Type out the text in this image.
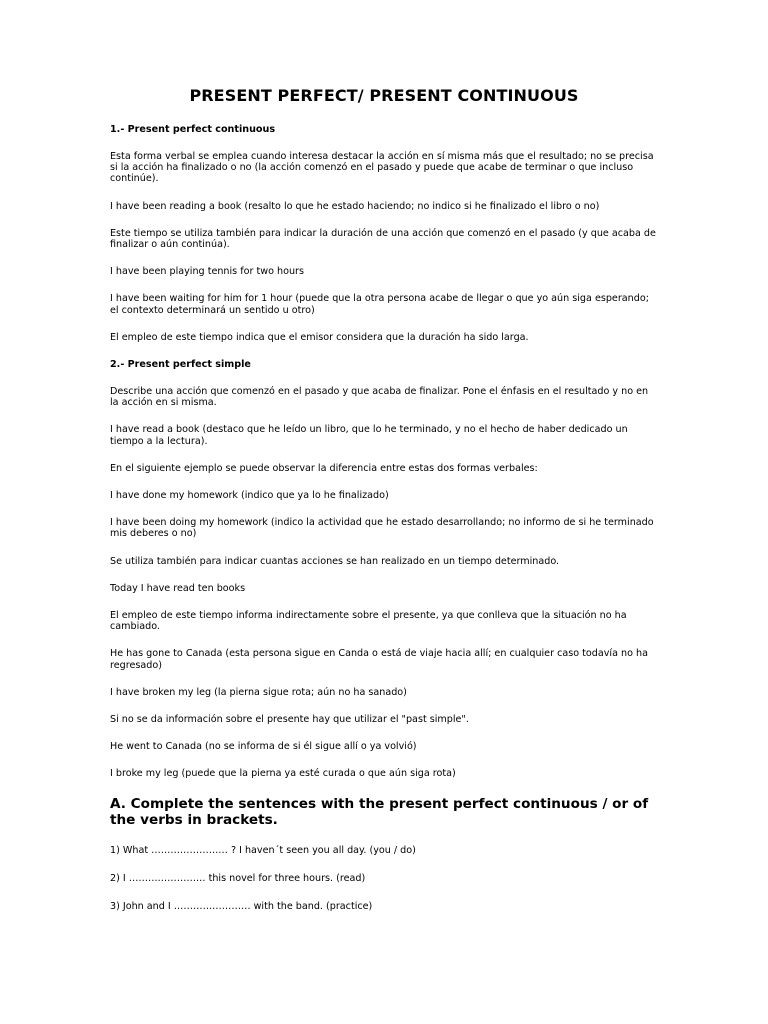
PRESENT PERFECT/ PRESENT CONTINUOUS
1.- Present perfect continuous
Esta forma verbal se emplea cuando interesa destacar la acción en sí misma más que el resultado; no se precisa si la acción ha finalizado o no (la acción comenzó en el pasado y puede que acabe de terminar o que incluso continúe).
I have been reading a book (resalto lo que he estado haciendo; no indico si he finalizado el libro o no)
Este tiempo se utiliza también para indicar la duración de una acción que comenzó en el pasado (y que acaba de finalizar o aún continúa).
I have been playing tennis for two hours
I have been waiting for him for 1 hour (puede que la otra persona acabe de llegar o que yo aún siga esperando; el contexto determinará un sentido u otro)
El empleo de este tiempo indica que el emisor considera que la duración ha sido larga.
2.- Present perfect simple
Describe una acción que comenzó en el pasado y que acaba de finalizar. Pone el énfasis en el resultado y no en la acción en si misma.
I have read a book (destaco que he leído un libro, que lo he terminado, y no el hecho de haber dedicado un tiempo a la lectura).
En el siguiente ejemplo se puede observar la diferencia entre estas dos formas verbales:
I have done my homework (indico que ya lo he finalizado)
I have been doing my homework (indico la actividad que he estado desarrollando; no informo de si he terminado mis deberes o no)
Se utiliza también para indicar cuantas acciones se han realizado en un tiempo determinado.
Today I have read ten books
El empleo de este tiempo informa indirectamente sobre el presente, ya que conlleva que la situación no ha cambiado.
He has gone to Canada (esta persona sigue en Canda o está de viaje hacia allí; en cualquier caso todavía no ha regresado)
I have broken my leg (la pierna sigue rota; aún no ha sanado)
Si no se da información sobre el presente hay que utilizar el "past simple".
He went to Canada (no se informa de si él sigue allí o ya volvió)
I broke my leg (puede que la pierna ya esté curada o que aún siga rota)
A. Complete the sentences with the present perfect continuous / or of the verbs in brackets.
1) What …………………… ? I haven´t seen you all day. (you / do)
2) I …………………… this novel for three hours. (read)
3) John and I …………………… with the band. (practice)
